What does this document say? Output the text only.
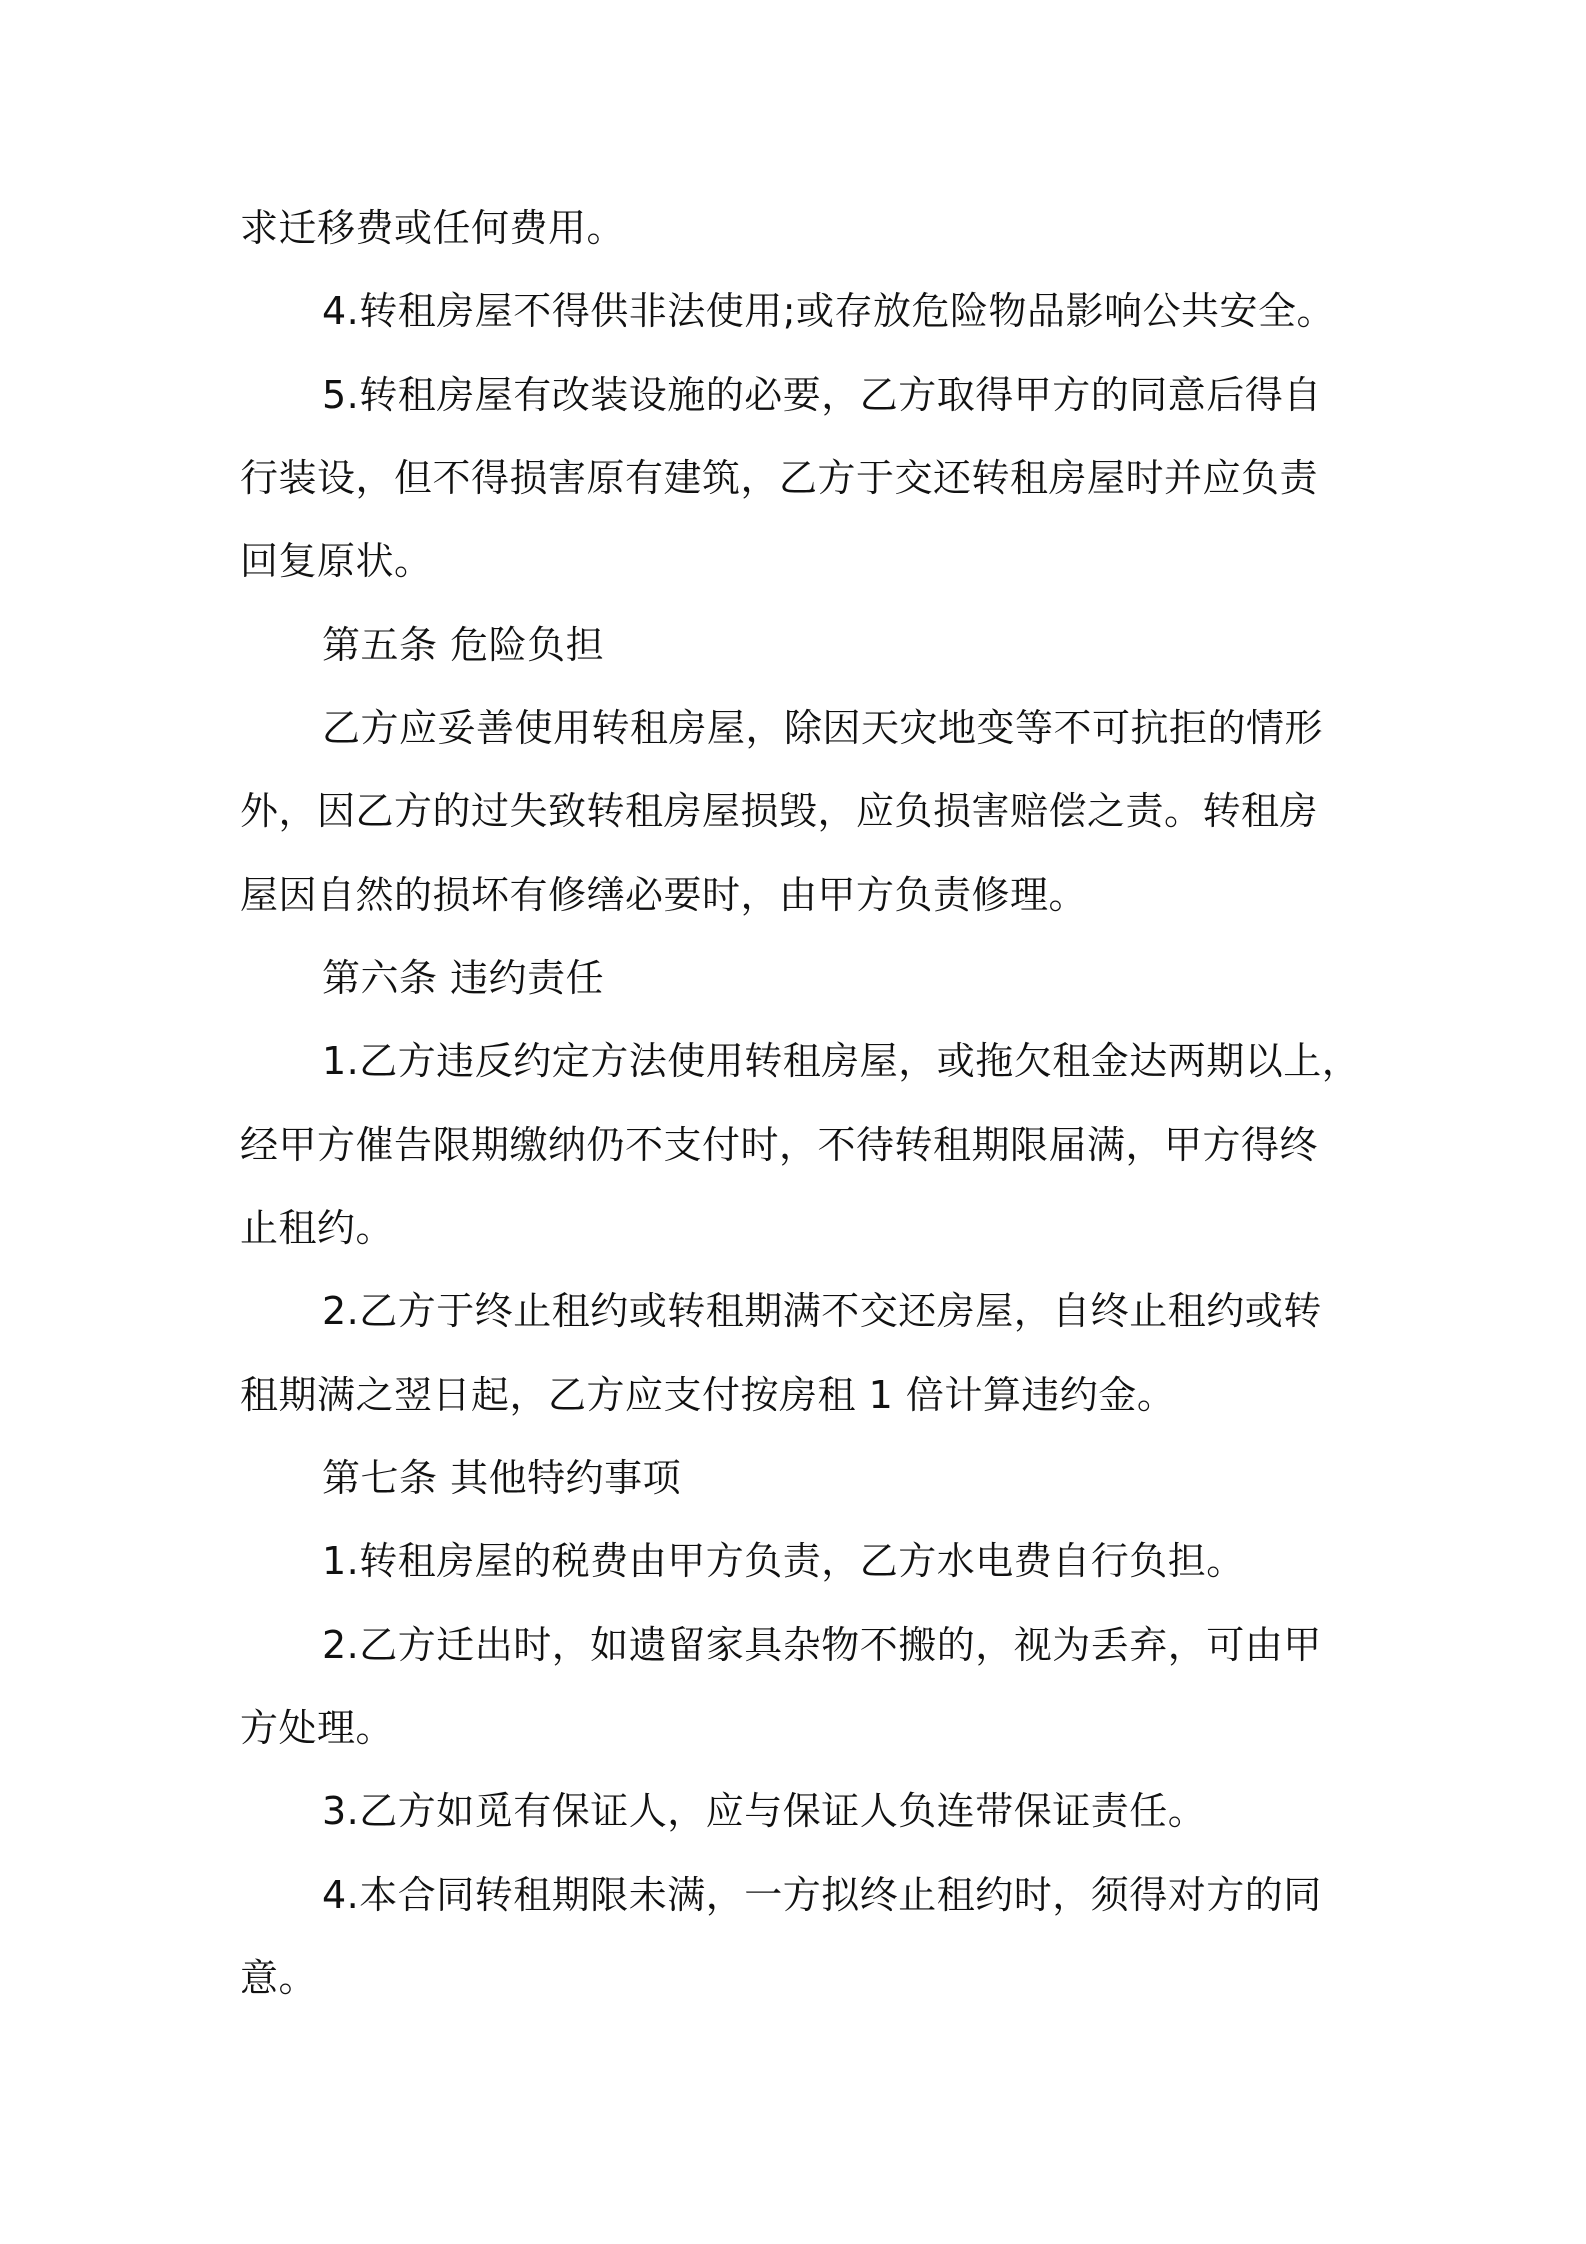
求迁移费或任何费用。
4.转租房屋不得供非法使用;或存放危险物品影响公共安全。
5.转租房屋有改装设施的必要，乙方取得甲方的同意后得自
行装设，但不得损害原有建筑，乙方于交还转租房屋时并应负责
回复原状。
第五条 危险负担
乙方应妥善使用转租房屋，除因天灾地变等不可抗拒的情形
外，因乙方的过失致转租房屋损毁，应负损害赔偿之责。转租房
屋因自然的损坏有修缮必要时，由甲方负责修理。
第六条 违约责任
1.乙方违反约定方法使用转租房屋，或拖欠租金达两期以上，
经甲方催告限期缴纳仍不支付时，不待转租期限届满，甲方得终
止租约。
2.乙方于终止租约或转租期满不交还房屋，自终止租约或转
租期满之翌日起，乙方应支付按房租 1 倍计算违约金。
第七条 其他特约事项
1.转租房屋的税费由甲方负责，乙方水电费自行负担。
2.乙方迁出时，如遗留家具杂物不搬的，视为丢弃，可由甲
方处理。
3.乙方如觅有保证人，应与保证人负连带保证责任。
4.本合同转租期限未满，一方拟终止租约时，须得对方的同
意。
